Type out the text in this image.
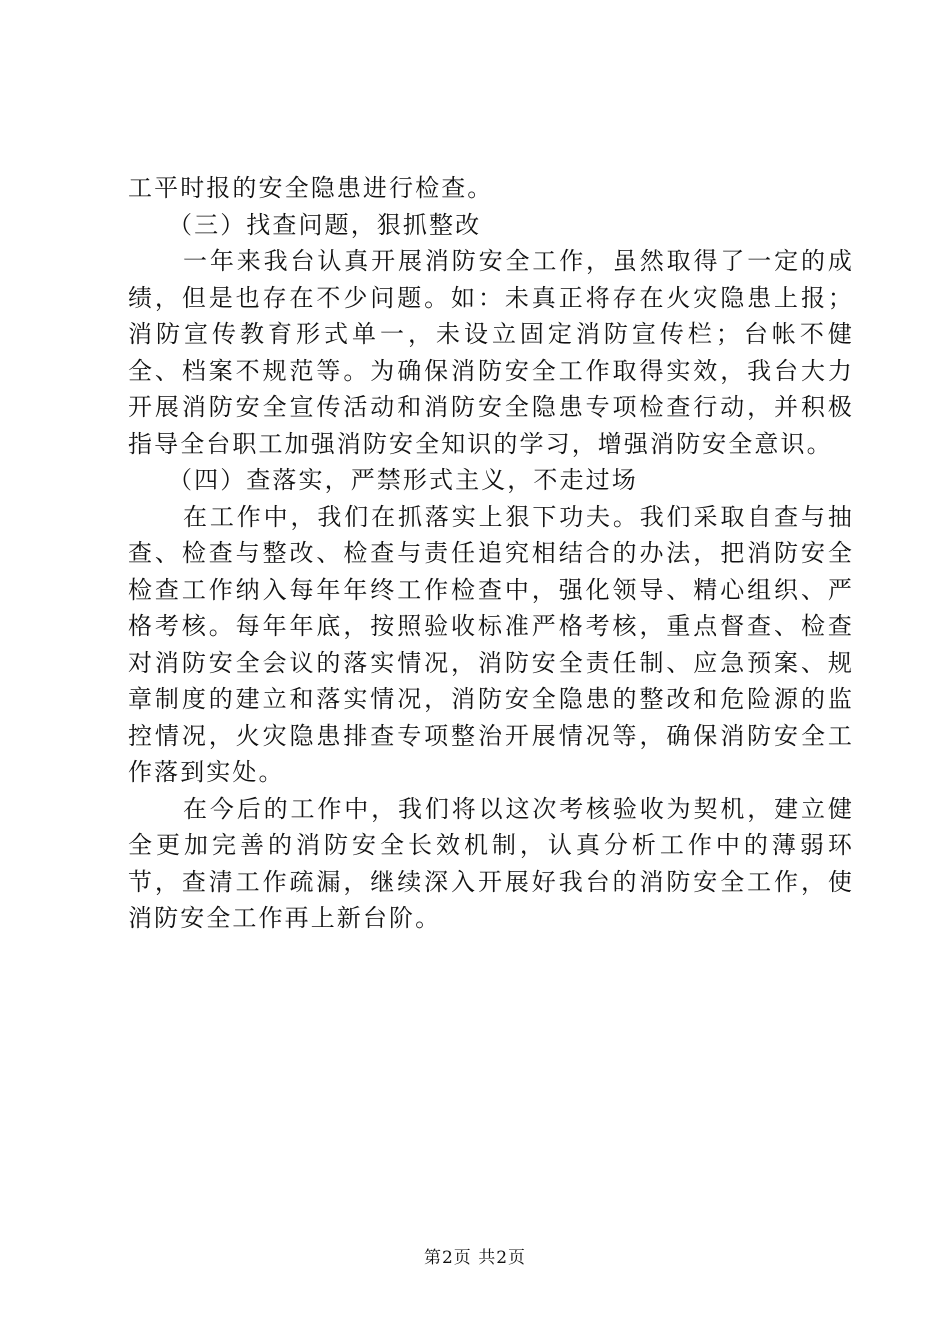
工平时报的安全隐患进行检查。

（三）找查问题，狠抓整改

一年来我台认真开展消防安全工作，虽然取得了一定的成绩，但是也存在不少问题。如：未真正将存在火灾隐患上报；消防宣传教育形式单一，未设立固定消防宣传栏；台帐不健全、档案不规范等。为确保消防安全工作取得实效，我台大力开展消防安全宣传活动和消防安全隐患专项检查行动，并积极指导全台职工加强消防安全知识的学习，增强消防安全意识。

（四）查落实，严禁形式主义，不走过场

在工作中，我们在抓落实上狠下功夫。我们采取自查与抽查、检查与整改、检查与责任追究相结合的办法，把消防安全检查工作纳入每年年终工作检查中，强化领导、精心组织、严格考核。每年年底，按照验收标准严格考核，重点督查、检查对消防安全会议的落实情况，消防安全责任制、应急预案、规章制度的建立和落实情况，消防安全隐患的整改和危险源的监控情况，火灾隐患排查专项整治开展情况等，确保消防安全工作落到实处。

在今后的工作中，我们将以这次考核验收为契机，建立健全更加完善的消防安全长效机制，认真分析工作中的薄弱环节，查清工作疏漏，继续深入开展好我台的消防安全工作，使消防安全工作再上新台阶。

第2页 共2页
